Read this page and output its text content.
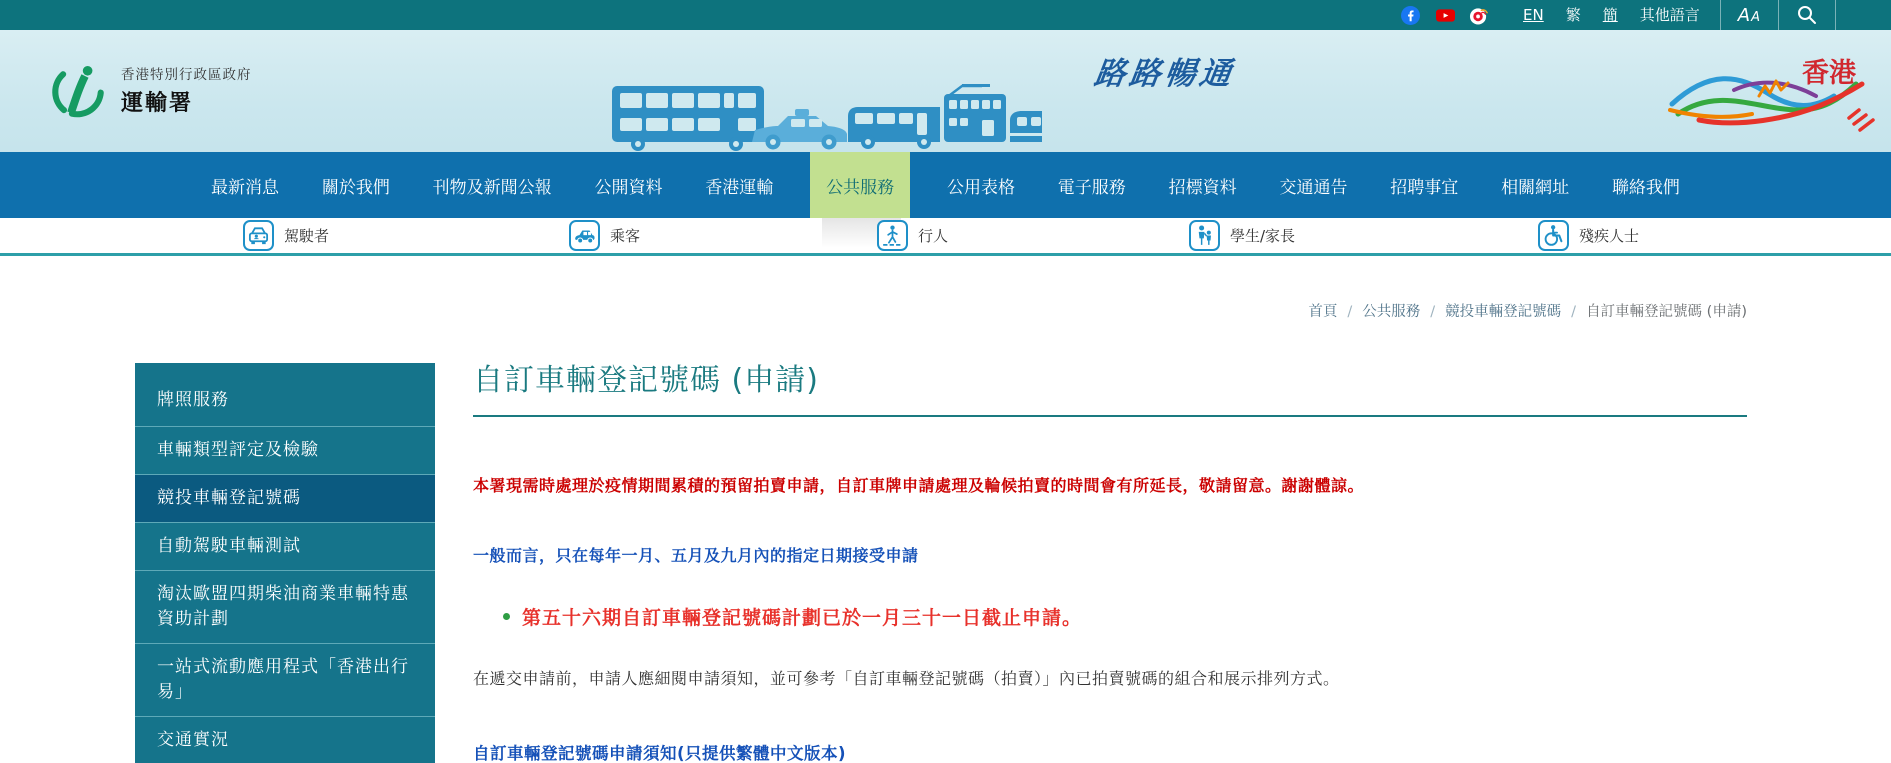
EN 繁 簡 其他語言 AA
香港特別行政區政府
運輸署
路路暢通	香港
最新消息	關於我們	刊物及新聞公報	公開資料	香港運輸	公共服務	公用表格	電子服務	招標資料	交通通告	招聘事宜	相關網址	聯絡我們
駕駛者	乘客	行人	學生/家長	殘疾人士
首頁 / 公共服務 / 競投車輛登記號碼 / 自訂車輛登記號碼 (申請)
牌照服務
車輛類型評定及檢驗
競投車輛登記號碼
自動駕駛車輛測試
淘汰歐盟四期柴油商業車輛特惠資助計劃
一站式流動應用程式「香港出行易」
交通實況
自訂車輛登記號碼 (申請)
本署現需時處理於疫情期間累積的預留拍賣申請，自訂車牌申請處理及輪候拍賣的時間會有所延長，敬請留意。謝謝體諒。
一般而言，只在每年一月、五月及九月內的指定日期接受申請
第五十六期自訂車輛登記號碼計劃已於一月三十一日截止申請。
在遞交申請前，申請人應細閱申請須知，並可參考「自訂車輛登記號碼（拍賣）」內已拍賣號碼的組合和展示排列方式。
自訂車輛登記號碼申請須知(只提供繁體中文版本)
